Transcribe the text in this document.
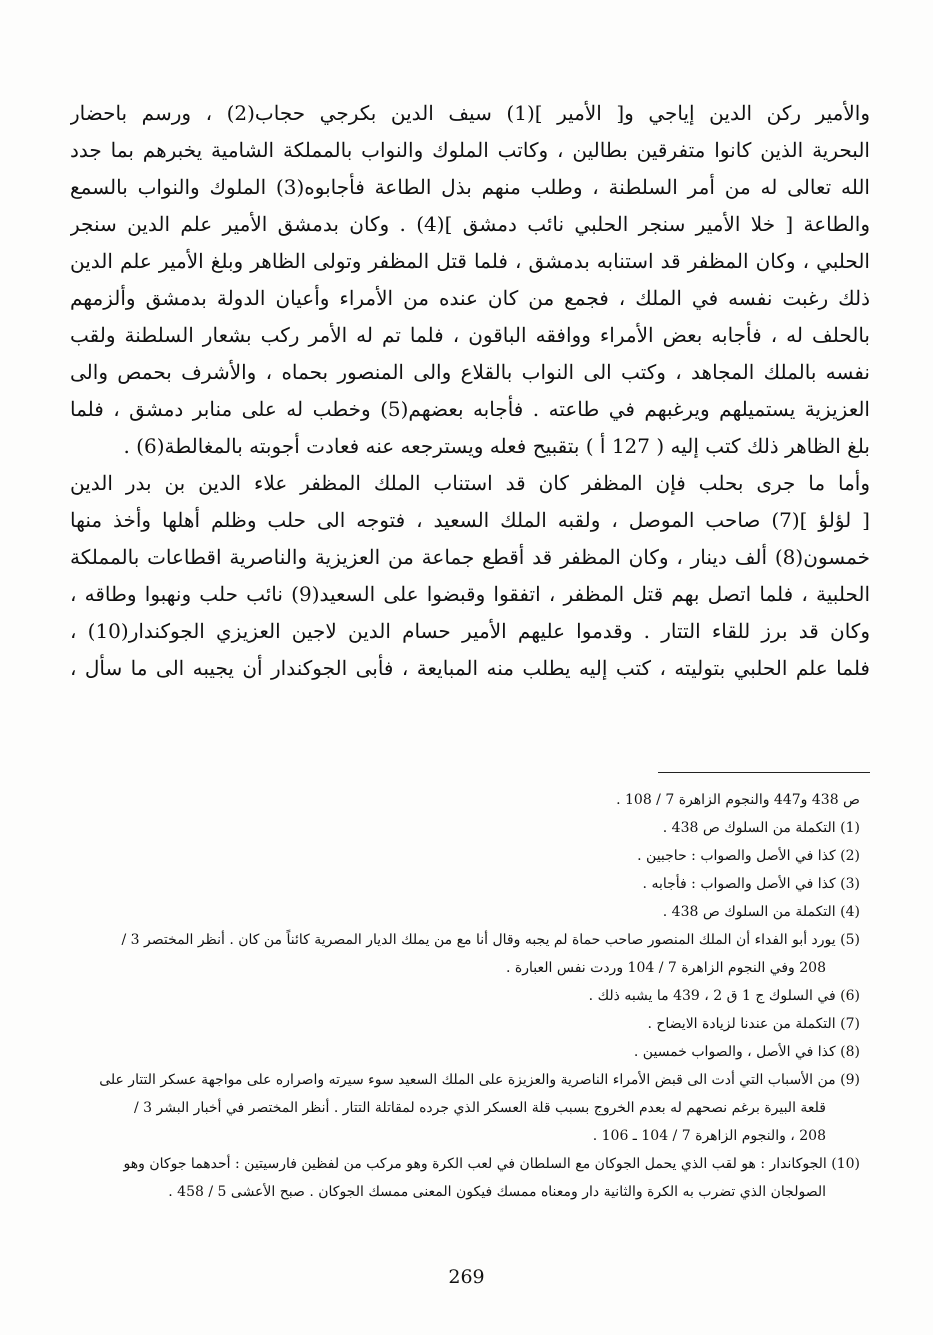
والأمير ركن الدين إياجي و[ الأمير ](1) سيف الدين بكرجي حجاب(2) ، ورسم باحضار
البحرية الذين كانوا متفرقين بطالين ، وكاتب الملوك والنواب بالمملكة الشامية يخبرهم بما جدد
الله تعالى له من أمر السلطنة ، وطلب منهم بذل الطاعة فأجابوه(3) الملوك والنواب بالسمع
والطاعة [ خلا الأمير سنجر الحلبي نائب دمشق ](4) . وكان بدمشق الأمير علم الدين سنجر
الحلبي ، وكان المظفر قد استنابه بدمشق ، فلما قتل المظفر وتولى الظاهر وبلغ الأمير علم الدين
ذلك رغبت نفسه في الملك ، فجمع من كان عنده من الأمراء وأعيان الدولة بدمشق وألزمهم
بالحلف له ، فأجابه بعض الأمراء ووافقه الباقون ، فلما تم له الأمر ركب بشعار السلطنة ولقب
نفسه بالملك المجاهد ، وكتب الى النواب بالقلاع والى المنصور بحماه ، والأشرف بحمص والى
العزيزية يستميلهم ويرغبهم في طاعته . فأجابه بعضهم(5) وخطب له على منابر دمشق ، فلما
بلغ الظاهر ذلك كتب إليه ( 127 أ ) بتقبيح فعله ويسترجعه عنه فعادت أجوبته بالمغالطة(6) .
وأما ما جرى بحلب فإن المظفر كان قد استناب الملك المظفر علاء الدين بن بدر الدين
[ لؤلؤ ](7) صاحب الموصل ، ولقبه الملك السعيد ، فتوجه الى حلب وظلم أهلها وأخذ منها
خمسون(8) ألف دينار ، وكان المظفر قد أقطع جماعة من العزيزية والناصرية اقطاعات بالمملكة
الحلبية ، فلما اتصل بهم قتل المظفر ، اتفقوا وقبضوا على السعيد(9) نائب حلب ونهبوا وطاقه ،
وكان قد برز للقاء التتار . وقدموا عليهم الأمير حسام الدين لاجين العزيزي الجوكندار(10) ،
فلما علم الحلبي بتوليته ، كتب إليه يطلب منه المبايعة ، فأبى الجوكندار أن يجيبه الى ما سأل ،
ص 438 و447 والنجوم الزاهرة 7 / 108 .
(1) التكملة من السلوك ص 438 .
(2) كذا في الأصل والصواب : حاجبين .
(3) كذا في الأصل والصواب : فأجابه .
(4) التكملة من السلوك ص 438 .
(5) يورد أبو الفداء أن الملك المنصور صاحب حماة لم يجبه وقال أنا مع من يملك الديار المصرية كائناً من كان . أنظر المختصر 3 /
208 وفي النجوم الزاهرة 7 / 104 وردت نفس العبارة .
(6) في السلوك ج 1 ق 2 ، 439 ما يشبه ذلك .
(7) التكملة من عندنا لزيادة الايضاح .
(8) كذا في الأصل ، والصواب خمسين .
(9) من الأسباب التي أدت الى قبض الأمراء الناصرية والعزيزة على الملك السعيد سوء سيرته واصراره على مواجهة عسكر التتار على
قلعة البيرة برغم نصحهم له بعدم الخروج بسبب قلة العسكر الذي جرده لمقاتلة التتار . أنظر المختصر في أخبار البشر 3 /
208 ، والنجوم الزاهرة 7 / 104 ـ 106 .
(10) الجوكاندار : هو لقب الذي يحمل الجوكان مع السلطان في لعب الكرة وهو مركب من لفظين فارسيتين : أحدهما جوكان وهو
الصولجان الذي تضرب به الكرة والثانية دار ومعناه ممسك فيكون المعنى ممسك الجوكان . صبح الأعشى 5 / 458 .
269
